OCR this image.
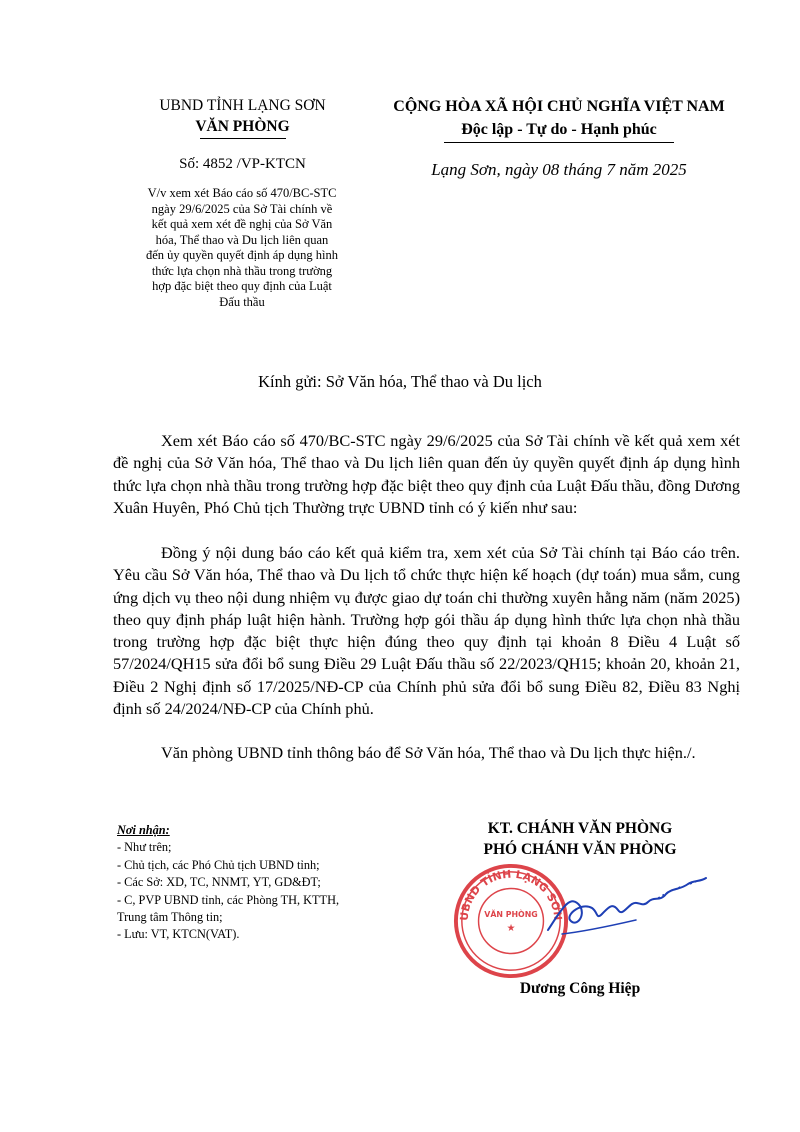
UBND TỈNH LẠNG SƠN
VĂN PHÒNG
CỘNG HÒA XÃ HỘI CHỦ NGHĨA VIỆT NAM
Độc lập - Tự do - Hạnh phúc
Số: 4852 /VP-KTCN	Lạng Sơn, ngày 08 tháng 7 năm 2025
V/v xem xét Báo cáo số 470/BC-STC
ngày 29/6/2025 của Sở Tài chính về
kết quả xem xét đề nghị của Sở Văn
hóa, Thể thao và Du lịch liên quan
đến ủy quyền quyết định áp dụng hình
thức lựa chọn nhà thầu trong trường
hợp đặc biệt theo quy định của Luật
Đấu thầu
Kính gửi: Sở Văn hóa, Thể thao và Du lịch

Xem xét Báo cáo số 470/BC-STC ngày 29/6/2025 của Sở Tài chính về kết quả xem xét đề nghị của Sở Văn hóa, Thể thao và Du lịch liên quan đến ủy quyền quyết định áp dụng hình thức lựa chọn nhà thầu trong trường hợp đặc biệt theo quy định của Luật Đấu thầu, đồng Dương Xuân Huyên, Phó Chủ tịch Thường trực UBND tỉnh có ý kiến như sau:

Đồng ý nội dung báo cáo kết quả kiểm tra, xem xét của Sở Tài chính tại Báo cáo trên. Yêu cầu Sở Văn hóa, Thể thao và Du lịch tổ chức thực hiện kế hoạch (dự toán) mua sắm, cung ứng dịch vụ theo nội dung nhiệm vụ được giao dự toán chi thường xuyên hằng năm (năm 2025) theo quy định pháp luật hiện hành. Trường hợp gói thầu áp dụng hình thức lựa chọn nhà thầu trong trường hợp đặc biệt thực hiện đúng theo quy định tại khoản 8 Điều 4 Luật số 57/2024/QH15 sửa đổi bổ sung Điều 29 Luật Đấu thầu số 22/2023/QH15; khoản 20, khoản 21, Điều 2 Nghị định số 17/2025/NĐ-CP của Chính phủ sửa đổi bổ sung Điều 82, Điều 83 Nghị định số 24/2024/NĐ-CP của Chính phủ.

Văn phòng UBND tỉnh thông báo để Sở Văn hóa, Thể thao và Du lịch thực hiện./.

Nơi nhận:
- Như trên;
- Chủ tịch, các Phó Chủ tịch UBND tỉnh;
- Các Sở: XD, TC, NNMT, YT, GD&ĐT;
- C, PVP UBND tỉnh, các Phòng TH, KTTH,
Trung tâm Thông tin;
- Lưu: VT, KTCN(VAT).
KT. CHÁNH VĂN PHÒNG
PHÓ CHÁNH VĂN PHÒNG
UBND TỈNH LẠNG SƠN
VĂN PHÒNG
★
Dương Công Hiệp
